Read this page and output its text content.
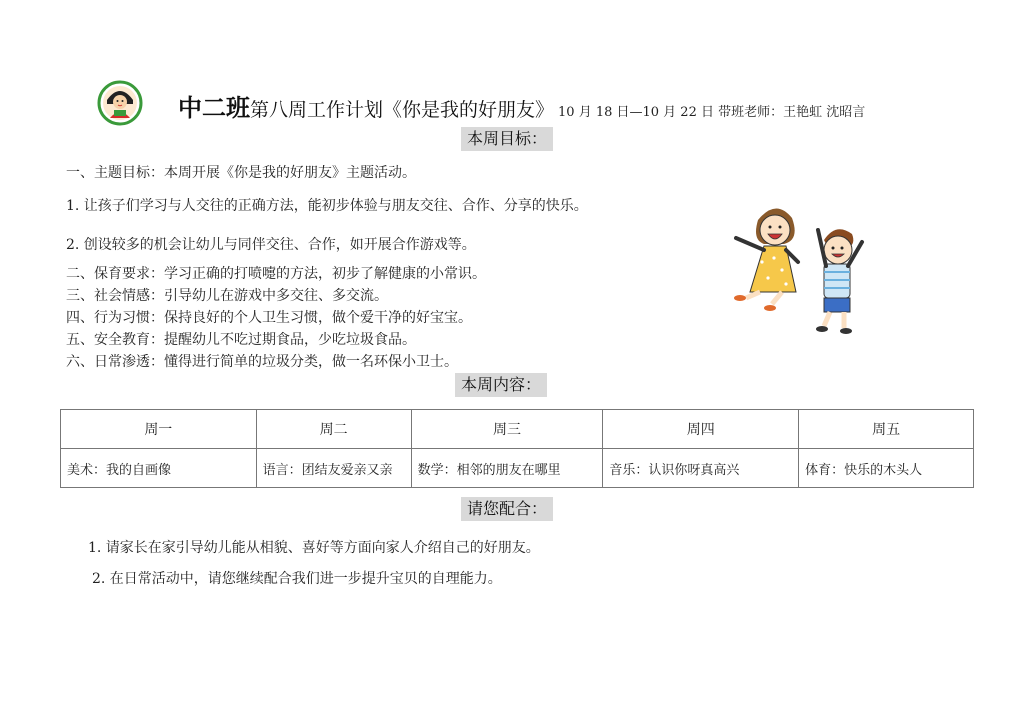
中二班第八周工作计划《你是我的好朋友》 10 月 18 日—10 月 22 日 带班老师：王艳虹 沈昭言
本周目标：
一、主题目标：本周开展《你是我的好朋友》主题活动。
1. 让孩子们学习与人交往的正确方法，能初步体验与朋友交往、合作、分享的快乐。
2. 创设较多的机会让幼儿与同伴交往、合作，如开展合作游戏等。
二、保育要求：学习正确的打喷嚏的方法，初步了解健康的小常识。
三、社会情感：引导幼儿在游戏中多交往、多交流。
四、行为习惯：保持良好的个人卫生习惯，做个爱干净的好宝宝。
五、安全教育：提醒幼儿不吃过期食品，少吃垃圾食品。
六、日常渗透：懂得进行简单的垃圾分类，做一名环保小卫士。
本周内容：
周一	周二	周三	周四	周五
美术：我的自画像	语言：团结友爱亲又亲	数学：相邻的朋友在哪里	音乐：认识你呀真高兴	体育：快乐的木头人
请您配合：
1. 请家长在家引导幼儿能从相貌、喜好等方面向家人介绍自己的好朋友。
2. 在日常活动中，请您继续配合我们进一步提升宝贝的自理能力。
